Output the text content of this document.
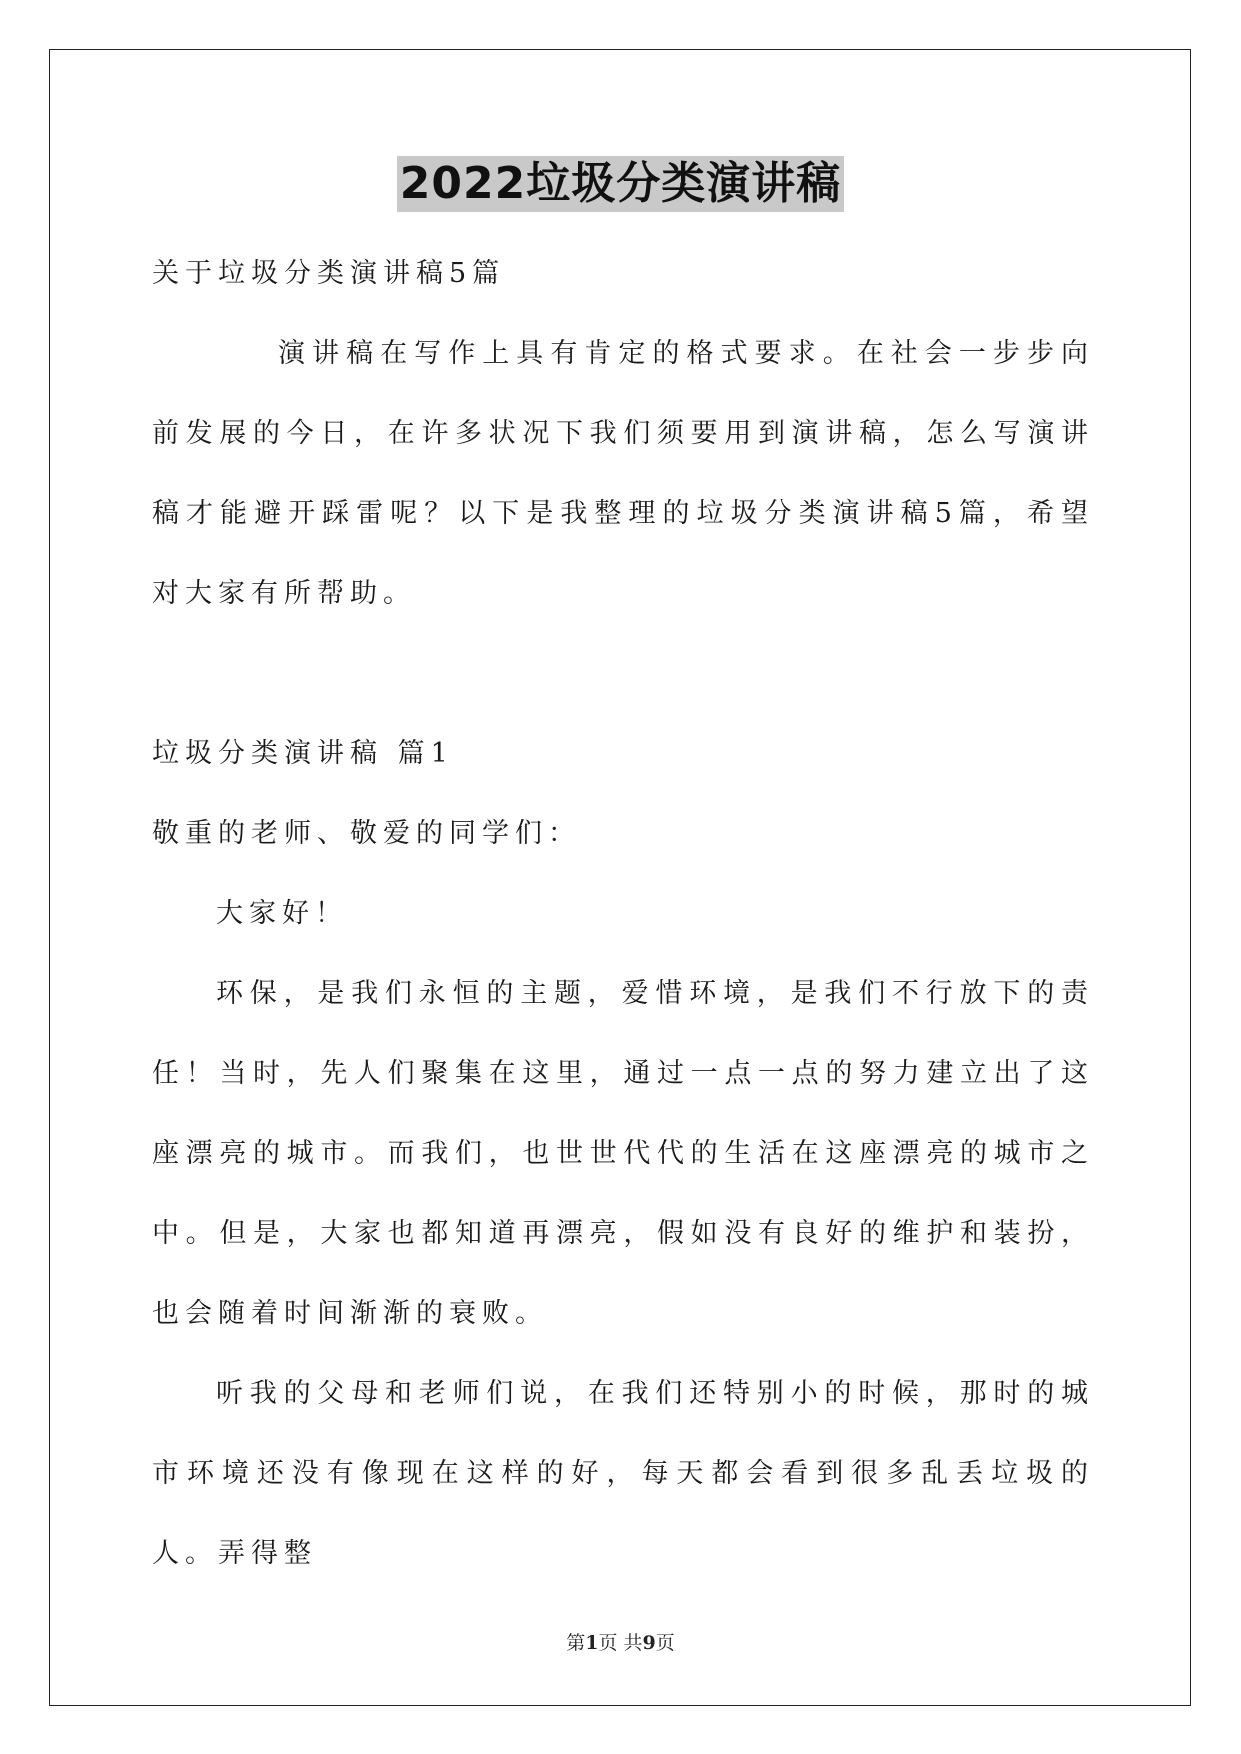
2022垃圾分类演讲稿

关于垃圾分类演讲稿5篇

演讲稿在写作上具有肯定的格式要求。在社会一步步向前发展的今日，在许多状况下我们须要用到演讲稿，怎么写演讲稿才能避开踩雷呢？以下是我整理的垃圾分类演讲稿5篇，希望对大家有所帮助。

垃圾分类演讲稿 篇1

敬重的老师、敬爱的同学们：

大家好！

环保，是我们永恒的主题，爱惜环境，是我们不行放下的责任！当时，先人们聚集在这里，通过一点一点的努力建立出了这座漂亮的城市。而我们，也世世代代的生活在这座漂亮的城市之中。但是，大家也都知道再漂亮，假如没有良好的维护和装扮，也会随着时间渐渐的衰败。

听我的父母和老师们说，在我们还特别小的时候，那时的城市环境还没有像现在这样的好，每天都会看到很多乱丢垃圾的人。弄得整

第1页 共9页
